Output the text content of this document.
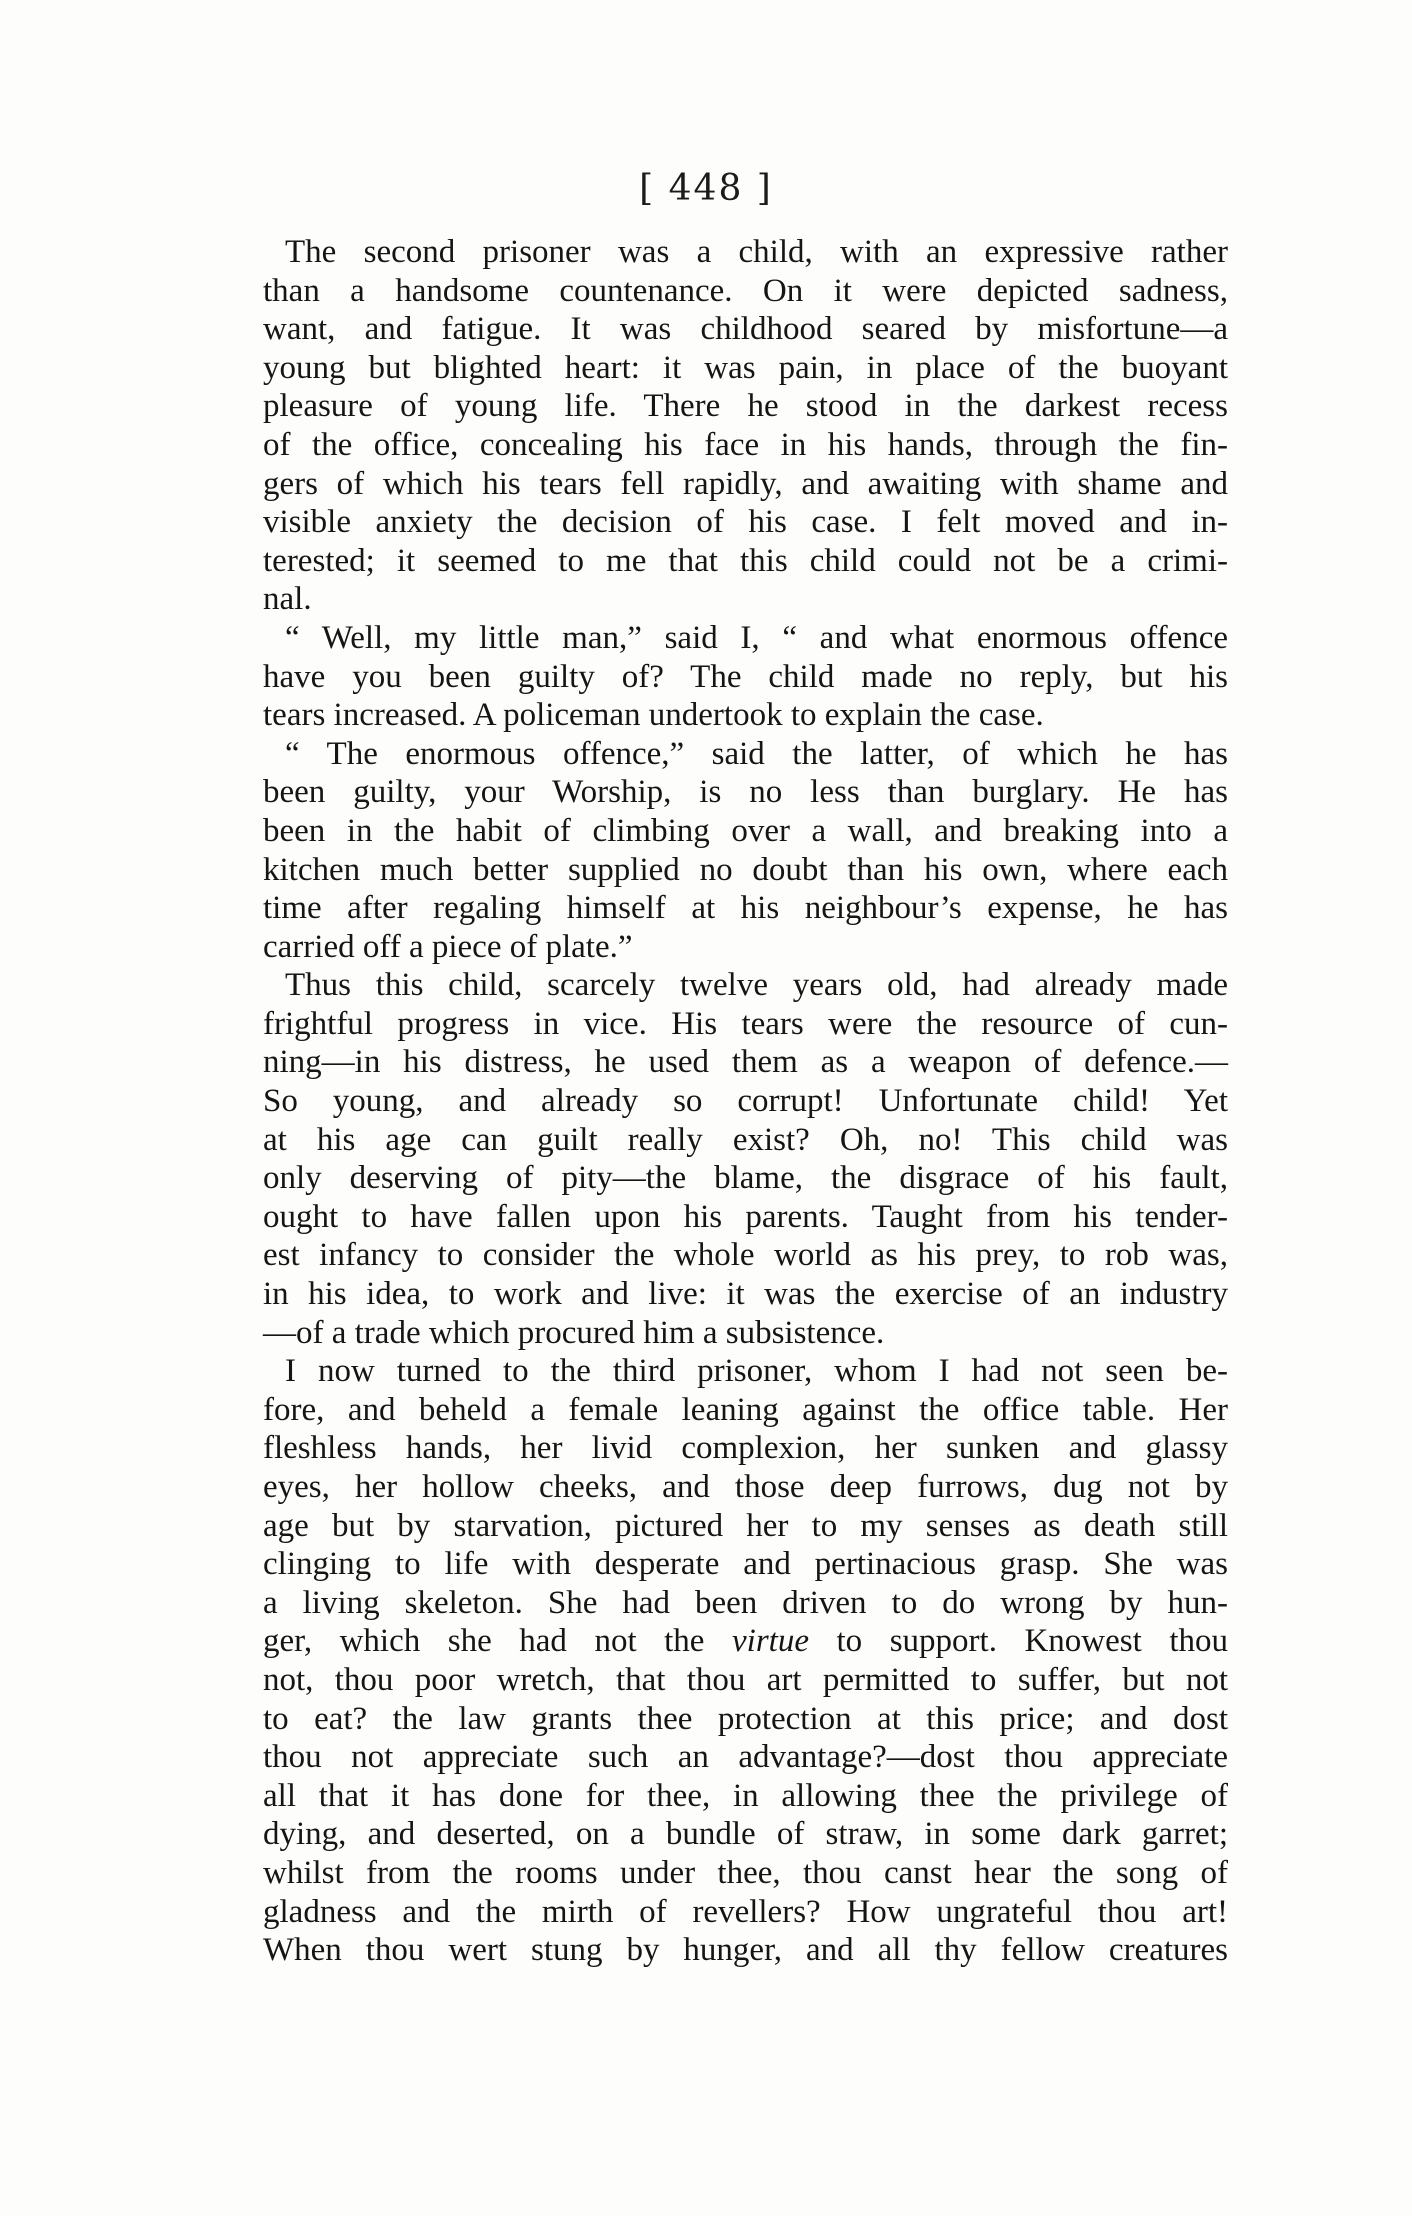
[ 448 ]
The second prisoner was a child, with an expressive rather
than a handsome countenance. On it were depicted sadness,
want, and fatigue. It was childhood seared by misfortune—a
young but blighted heart: it was pain, in place of the buoyant
pleasure of young life. There he stood in the darkest recess
of the office, concealing his face in his hands, through the fin-
gers of which his tears fell rapidly, and awaiting with shame and
visible anxiety the decision of his case. I felt moved and in-
terested; it seemed to me that this child could not be a crimi-
nal.
“ Well, my little man,” said I, “ and what enormous offence
have you been guilty of? The child made no reply, but his
tears increased. A policeman undertook to explain the case.
“ The enormous offence,” said the latter, of which he has
been guilty, your Worship, is no less than burglary. He has
been in the habit of climbing over a wall, and breaking into a
kitchen much better supplied no doubt than his own, where each
time after regaling himself at his neighbour’s expense, he has
carried off a piece of plate.”
Thus this child, scarcely twelve years old, had already made
frightful progress in vice. His tears were the resource of cun-
ning—in his distress, he used them as a weapon of defence.—
So young, and already so corrupt! Unfortunate child! Yet
at his age can guilt really exist? Oh, no! This child was
only deserving of pity—the blame, the disgrace of his fault,
ought to have fallen upon his parents. Taught from his tender-
est infancy to consider the whole world as his prey, to rob was,
in his idea, to work and live: it was the exercise of an industry
—of a trade which procured him a subsistence.
I now turned to the third prisoner, whom I had not seen be-
fore, and beheld a female leaning against the office table. Her
fleshless hands, her livid complexion, her sunken and glassy
eyes, her hollow cheeks, and those deep furrows, dug not by
age but by starvation, pictured her to my senses as death still
clinging to life with desperate and pertinacious grasp. She was
a living skeleton. She had been driven to do wrong by hun-
ger, which she had not the virtue to support. Knowest thou
not, thou poor wretch, that thou art permitted to suffer, but not
to eat? the law grants thee protection at this price; and dost
thou not appreciate such an advantage?—dost thou appreciate
all that it has done for thee, in allowing thee the privilege of
dying, and deserted, on a bundle of straw, in some dark garret;
whilst from the rooms under thee, thou canst hear the song of
gladness and the mirth of revellers? How ungrateful thou art!
When thou wert stung by hunger, and all thy fellow creatures
